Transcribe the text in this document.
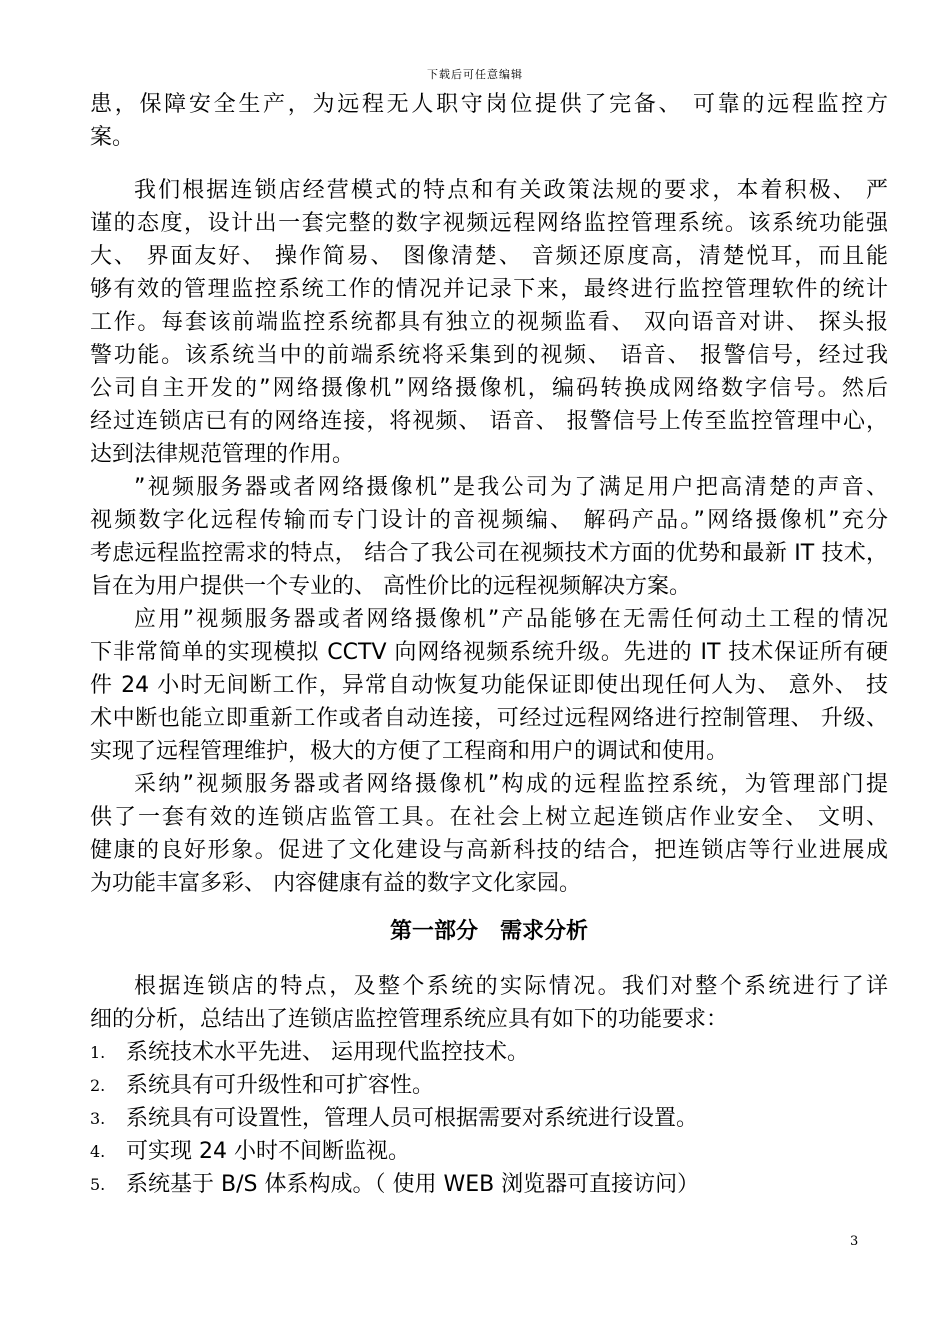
下载后可任意编辑
患，保障安全生产，为远程无人职守岗位提供了完备、 可靠的远程监控方
案。
我们根据连锁店经营模式的特点和有关政策法规的要求，本着积极、 严
谨的态度，设计出一套完整的数字视频远程网络监控管理系统。该系统功能强
大、 界面友好、 操作简易、 图像清楚、 音频还原度高，清楚悦耳，而且能
够有效的管理监控系统工作的情况并记录下来，最终进行监控管理软件的统计
工作。每套该前端监控系统都具有独立的视频监看、 双向语音对讲、 探头报
警功能。该系统当中的前端系统将采集到的视频、 语音、 报警信号，经过我
公司自主开发的”网络摄像机”网络摄像机，编码转换成网络数字信号。然后
经过连锁店已有的网络连接，将视频、 语音、 报警信号上传至监控管理中心，
达到法律规范管理的作用。
”视频服务器或者网络摄像机”是我公司为了满足用户把高清楚的声音、
视频数字化远程传输而专门设计的音视频编、 解码产品。”网络摄像机”充分
考虑远程监控需求的特点， 结合了我公司在视频技术方面的优势和最新 IT 技术，
旨在为用户提供一个专业的、 高性价比的远程视频解决方案。
应用”视频服务器或者网络摄像机”产品能够在无需任何动土工程的情况
下非常简单的实现模拟 CCTV 向网络视频系统升级。先进的 IT 技术保证所有硬
件 24 小时无间断工作，异常自动恢复功能保证即使出现任何人为、 意外、 技
术中断也能立即重新工作或者自动连接，可经过远程网络进行控制管理、 升级、
实现了远程管理维护，极大的方便了工程商和用户的调试和使用。
采纳”视频服务器或者网络摄像机”构成的远程监控系统，为管理部门提
供了一套有效的连锁店监管工具。在社会上树立起连锁店作业安全、 文明、
健康的良好形象。促进了文化建设与高新科技的结合，把连锁店等行业进展成
为功能丰富多彩、 内容健康有益的数字文化家园。
第一部分 需求分析
根据连锁店的特点，及整个系统的实际情况。我们对整个系统进行了详
细的分析，总结出了连锁店监控管理系统应具有如下的功能要求：
1. 系统技术水平先进、 运用现代监控技术。
2. 系统具有可升级性和可扩容性。
3. 系统具有可设置性，管理人员可根据需要对系统进行设置。
4. 可实现 24 小时不间断监视。
5. 系统基于 B/S 体系构成。（ 使用 WEB 浏览器可直接访问）
3
